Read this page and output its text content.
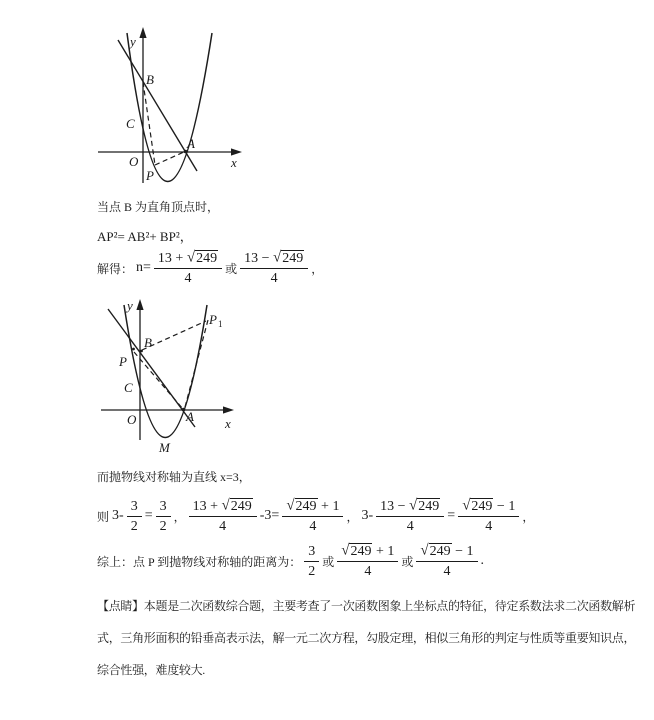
y
x
B
C
O
P
A
当点 B 为直角顶点时，
AP²= AB²+ BP²，
解得： $n= \frac{13 + √249}{4}$ 或 $\frac{13 - √249}{4}$ ，
y
x
P 1
B
P
C
O	A
M
而抛物线对称轴为直线 x=3，
则 $3- \frac{3}{2} = \frac{3}{2}$ ， $\frac{13 + √249}{4} -3= \frac{√249 + 1}{4}$ ， $3- \frac{13 - √249}{4} = \frac{√249 - 1}{4}$ ，
综上：点 P 到抛物线对称轴的距离为： $\frac{3}{2}$ 或 $\frac{√249 + 1}{4}$ 或 $\frac{√249 - 1}{4}$ .
【点睛】本题是二次函数综合题，主要考查了一次函数图象上坐标点的特征，待定系数法求二次函数解析
式，三角形面积的铅垂高表示法，解一元二次方程，勾股定理，相似三角形的判定与性质等重要知识点，
综合性强，难度较大.
